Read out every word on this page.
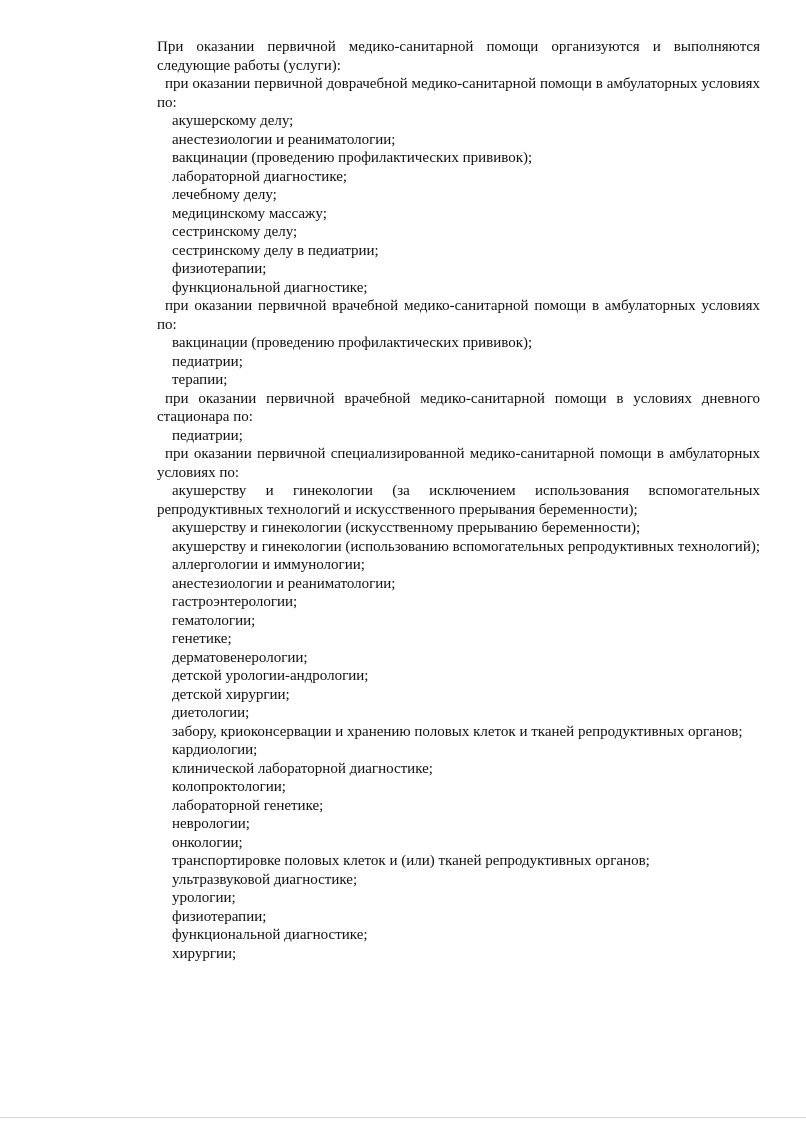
При оказании первичной медико-санитарной помощи организуются и выполняются следующие работы (услуги):

при оказании первичной доврачебной медико-санитарной помощи в амбулаторных условиях по:

акушерскому делу;

анестезиологии и реаниматологии;

вакцинации (проведению профилактических прививок);

лабораторной диагностике;

лечебному делу;

медицинскому массажу;

сестринскому делу;

сестринскому делу в педиатрии;

физиотерапии;

функциональной диагностике;

при оказании первичной врачебной медико-санитарной помощи в амбулаторных условиях по:

вакцинации (проведению профилактических прививок);

педиатрии;

терапии;

при оказании первичной врачебной медико-санитарной помощи в условиях дневного стационара по:

педиатрии;

при оказании первичной специализированной медико-санитарной помощи в амбулаторных условиях по:

акушерству и гинекологии (за исключением использования вспомогательных репродуктивных технологий и искусственного прерывания беременности);

акушерству и гинекологии (искусственному прерыванию беременности);

акушерству и гинекологии (использованию вспомогательных репродуктивных технологий);

аллергологии и иммунологии;

анестезиологии и реаниматологии;

гастроэнтерологии;

гематологии;

генетике;

дерматовенерологии;

детской урологии-андрологии;

детской хирургии;

диетологии;

забору, криоконсервации и хранению половых клеток и тканей репродуктивных органов;

кардиологии;

клинической лабораторной диагностике;

колопроктологии;

лабораторной генетике;

неврологии;

онкологии;

транспортировке половых клеток и (или) тканей репродуктивных органов;

ультразвуковой диагностике;

урологии;

физиотерапии;

функциональной диагностике;

хирургии;
